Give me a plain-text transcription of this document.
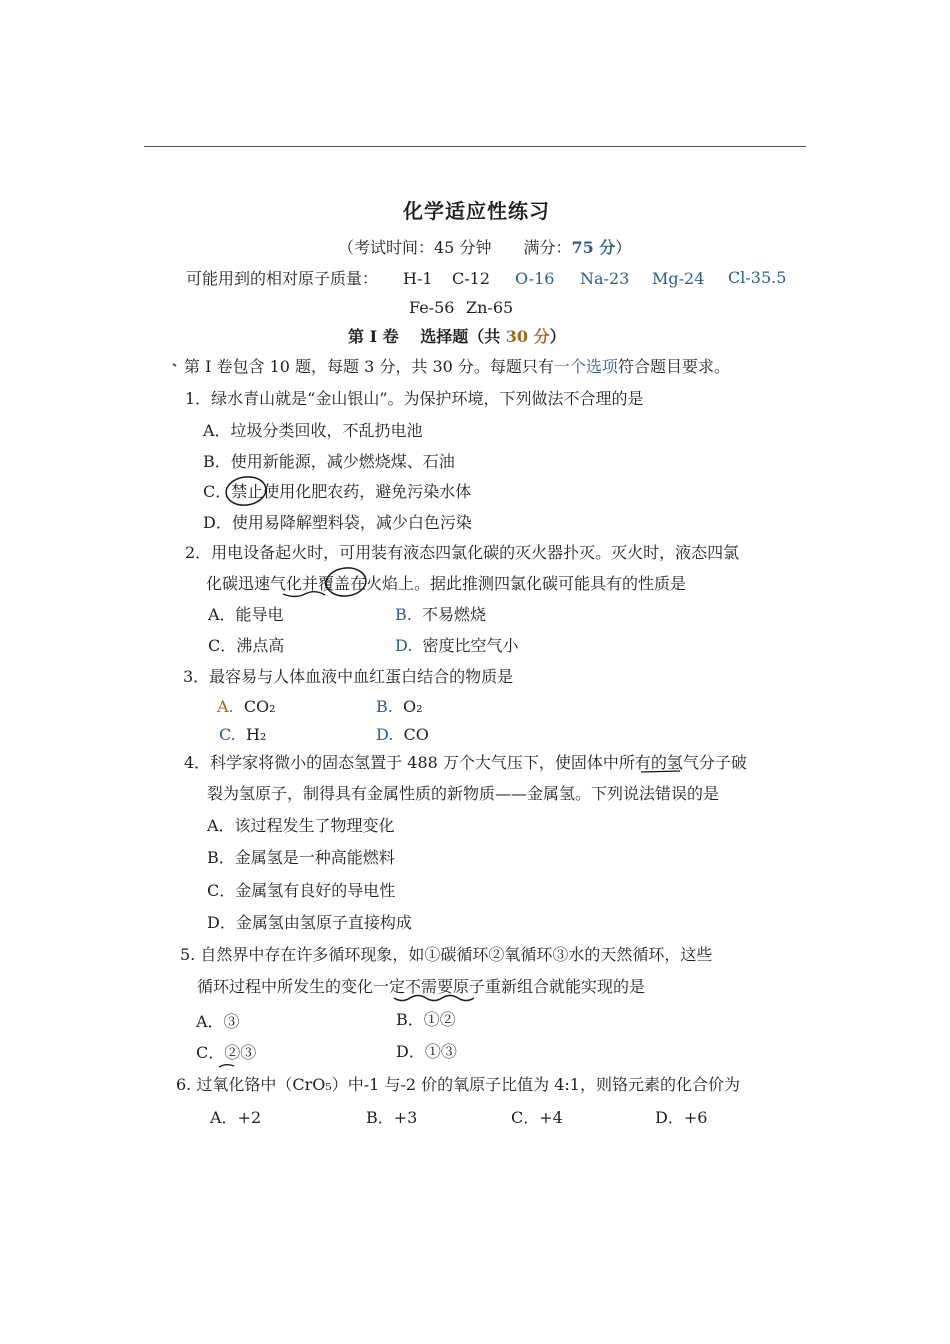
化学适应性练习
（考试时间：45 分钟　　满分：75 分）
可能用到的相对原子质量： H-1 C-12 O-16 Na-23 Mg-24 Cl-35.5
Fe-56 Zn-65
第 I 卷　 选择题（共 30 分）
第 I 卷包含 10 题，每题 3 分，共 30 分。每题只有一个选项符合题目要求。
1．绿水青山就是“金山银山”。为保护环境，下列做法不合理的是
A．垃圾分类回收，不乱扔电池
B．使用新能源，减少燃烧煤、石油
C．禁止使用化肥农药，避免污染水体
D．使用易降解塑料袋，减少白色污染
2．用电设备起火时，可用装有液态四氯化碳的灭火器扑灭。灭火时，液态四氯
化碳迅速气化并覆盖在火焰上。据此推测四氯化碳可能具有的性质是
A．能导电	B. 不易燃烧
C．沸点高	D. 密度比空气小
3．最容易与人体血液中血红蛋白结合的物质是
A. CO₂	B. O₂
C. H₂	D. CO
4．科学家将微小的固态氢置于 488 万个大气压下，使固体中所有的氢气分子破
裂为氢原子，制得具有金属性质的新物质——金属氢。下列说法错误的是
A．该过程发生了物理变化
B．金属氢是一种高能燃料
C．金属氢有良好的导电性
D．金属氢由氢原子直接构成
5. 自然界中存在许多循环现象，如①碳循环②氧循环③水的天然循环，这些
循环过程中所发生的变化一定不需要原子重新组合就能实现的是
A．③	B．①②
C．②③	D．①③
6. 过氧化铬中（CrO₅）中-1 与-2 价的氧原子比值为 4:1，则铬元素的化合价为
A．+2	B．+3	C．+4	D．+6
